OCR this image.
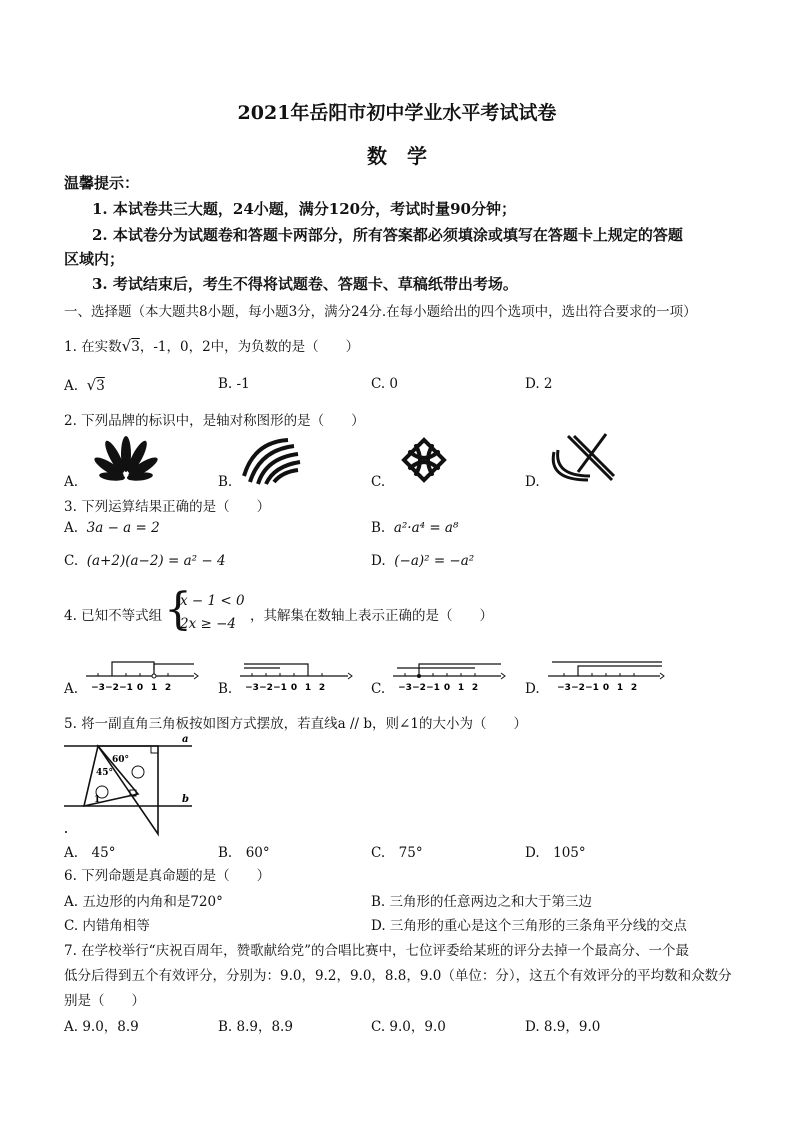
2021年岳阳市初中学业水平考试试卷
数　学
温馨提示：
1. 本试卷共三大题，24小题，满分120分，考试时量90分钟；
2. 本试卷分为试题卷和答题卡两部分，所有答案都必须填涂或填写在答题卡上规定的答题
区域内；
3. 考试结束后，考生不得将试题卷、答题卡、草稿纸带出考场。
一、选择题（本大题共8小题，每小题3分，满分24分.在每小题给出的四个选项中，选出符合要求的一项）
1. 在实数√3，-1，0，2中，为负数的是（　　）
A. √3	B. -1	C. 0	D. 2
2. 下列品牌的标识中，是轴对称图形的是（　　）
A.	B.	C.	D.
3. 下列运算结果正确的是（　　）
A. 3a − a = 2	B. a²·a⁴ = a⁸
C. (a+2)(a−2) = a² − 4	D. (−a)² = −a²
4. 已知不等式组 {
x − 1 < 0
2x ≥ −4 ，其解集在数轴上表示正确的是（　　）
A.	B.	C.	D.
−3 −2 −1 0 1 2	−3 −2 −1 0 1 2	−3 −2 −1 0 1 2	−3 −2 −1 0 1 2
5. 将一副直角三角板按如图方式摆放，若直线a // b，则∠1的大小为（　　）
a
b
60°
45°
1
A.　45°	B.　60°	C.　75°	D.　105°
6. 下列命题是真命题的是（　　）
A. 五边形的内角和是720°	B. 三角形的任意两边之和大于第三边
C. 内错角相等	D. 三角形的重心是这个三角形的三条角平分线的交点
7. 在学校举行“庆祝百周年，赞歌献给党”的合唱比赛中，七位评委给某班的评分去掉一个最高分、一个最
低分后得到五个有效评分，分别为：9.0，9.2，9.0，8.8，9.0（单位：分），这五个有效评分的平均数和众数分
别是（　　）
A. 9.0，8.9	B. 8.9，8.9	C. 9.0，9.0	D. 8.9，9.0
